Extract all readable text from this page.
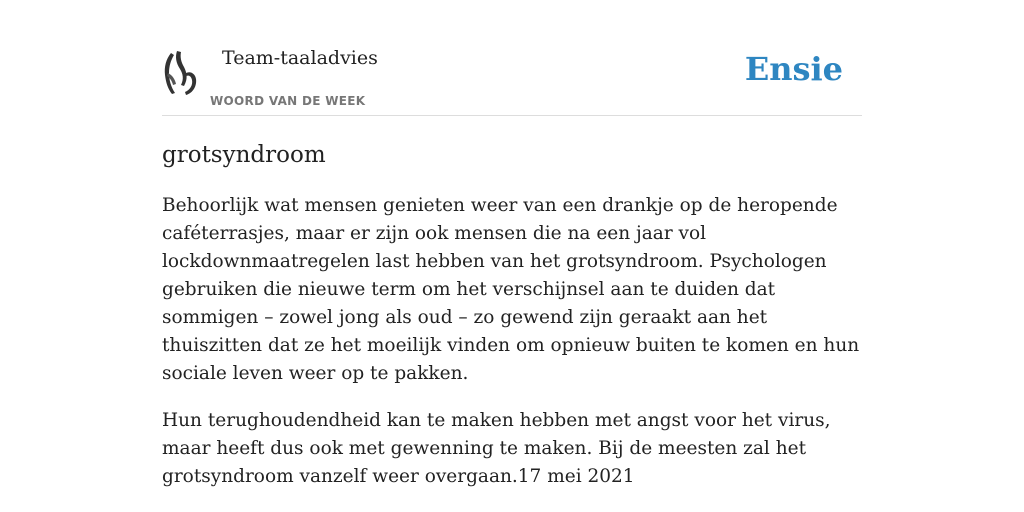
Team-taaladvies
WOORD VAN DE WEEK
Ensie
grotsyndroom

Behoorlijk wat mensen genieten weer van een drankje op de heropende caféterrasjes, maar er zijn ook mensen die na een jaar vol lockdownmaatregelen last hebben van het grotsyndroom. Psychologen gebruiken die nieuwe term om het verschijnsel aan te duiden dat sommigen – zowel jong als oud – zo gewend zijn geraakt aan het thuiszitten dat ze het moeilijk vinden om opnieuw buiten te komen en hun sociale leven weer op te pakken.

Hun terughoudendheid kan te maken hebben met angst voor het virus, maar heeft dus ook met gewenning te maken. Bij de meesten zal het grotsyndroom vanzelf weer overgaan.17 mei 2021
